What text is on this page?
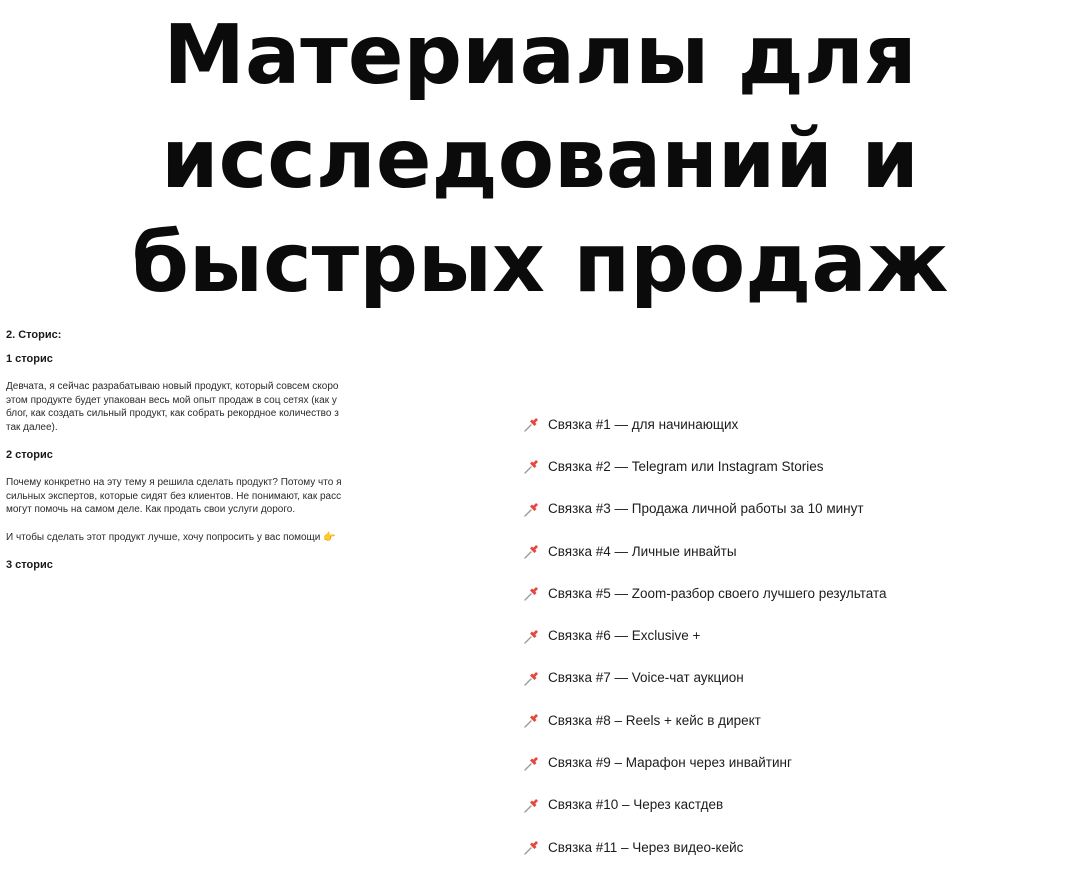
Материалы для
исследований и
быстрых продаж

2. Сторис:

1 сторис

Девчата, я сейчас разрабатываю новый продукт, который совсем скоро

этом продукте будет упакован весь мой опыт продаж в соц сетях (как у

блог, как создать сильный продукт, как собрать рекордное количество з

так далее).

2 сторис

Почему конкретно на эту тему я решила сделать продукт? Потому что я

сильных экспертов, которые сидят без клиентов. Не понимают, как расс

могут помочь на самом деле. Как продать свои услуги дорого.

И чтобы сделать этот продукт лучше, хочу попросить у вас помощи 👉

3 сторис

Связка #1 — для начинающих
Связка #2 — Telegram или Instagram Stories
Связка #3 — Продажа личной работы за 10 минут
Связка #4 — Личные инвайты
Связка #5 — Zoom-разбор своего лучшего результата
Связка #6 — Exclusive +
Связка #7 — Voice-чат аукцион
Связка #8 – Reels + кейс в директ
Связка #9 – Марафон через инвайтинг
Связка #10 – Через кастдев
Связка #11 – Через видео-кейс
